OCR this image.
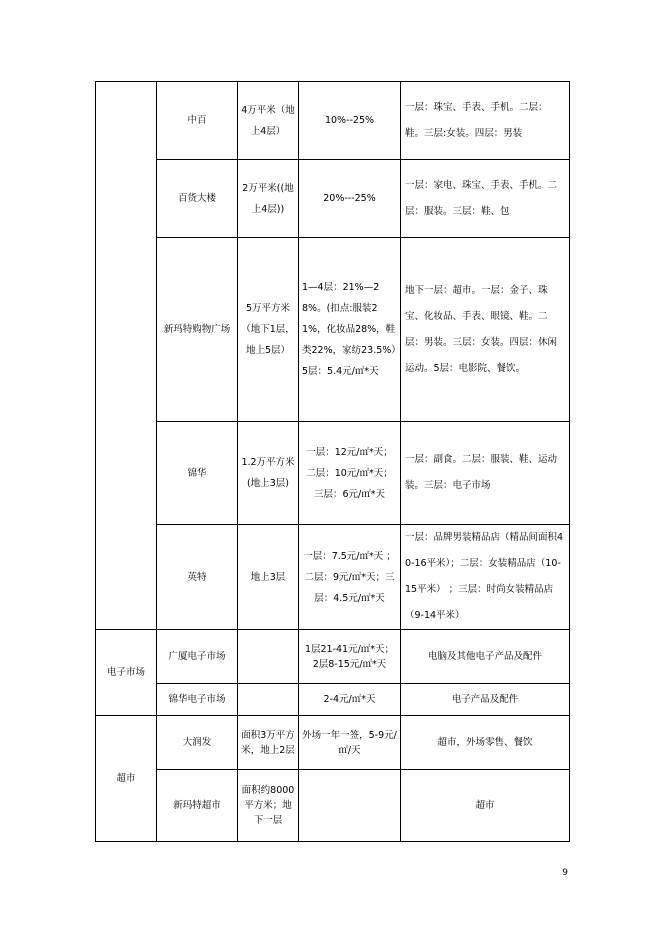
	中百	4万平米（地上4层）	10%--25%	一层：珠宝、手表、手机。二层：鞋。三层:女装。四层：男装
	百货大楼	2万平米((地上4层))	20%---25%	一层：家电、珠宝、手表、手机。二层：服装。三层：鞋、包
	新玛特购物广场	5万平方米（地下1层，地上5层）	1—4层：21%—28%。(扣点:服装21%，化妆品28%，鞋类22%，家纺23.5%）5层：5.4元/㎡*天	地下一层：超市。一层：金子、珠宝、化妆品、手表、眼镜、鞋。二层：男装。三层：女装。四层：休闲运动。5层：电影院、餐饮。
	锦华	1.2万平方米(地上3层)	一层：12元/㎡*天；二层：10元/㎡*天；三层：6元/㎡*天	一层：副食。二层：服装、鞋、运动装。三层：电子市场
	英特	地上3层	一层：7.5元/㎡*天 ；二层：9元/㎡*天；三层：4.5元/㎡*天	一层：品牌男装精品店（精品间面积40-16平米）；二层：女装精品店（10-15平米） ；三层：时尚女装精品店（9-14平米）
电子市场	广厦电子市场		1层21-41元/㎡*天；2层8-15元/㎡*天	电脑及其他电子产品及配件
	锦华电子市场		2-4元/㎡*天	电子产品及配件
超市	大润发	面积3万平方米，地上2层	外场一年一签，5-9元/㎡/天	超市，外场零售、餐饮
	新玛特超市	面积约8000平方米；地下一层		超市
9
